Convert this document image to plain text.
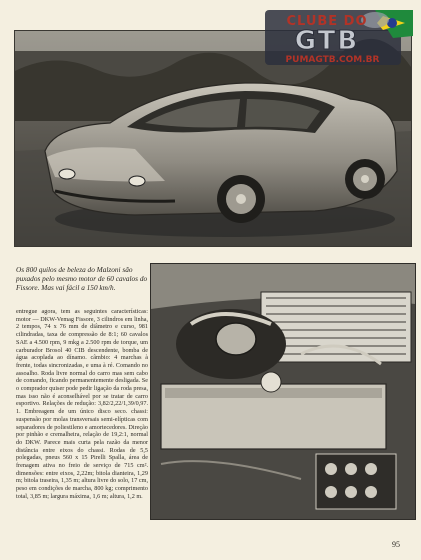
CLUBE DO
GTB
PUMAGTB.COM.BR
Os 800 quilos de beleza do Malzoni são puxados pelo mesmo motor de 60 cavalos do Fissore. Mas vai fácil a 150 km/h.
entregue agora, tem as seguintes características: motor — DKW-Vemag Fissore, 3 cilindros em linha, 2 tempos, 74 x 76 mm de diâmetro e curso, 981 cilindradas, taxa de compressão de 8:1; 60 cavalos SAE a 4.500 rpm, 9 mkg a 2.500 rpm de torque, um carburador Brosol 40 CIB descendente, bomba de água acoplada ao dínamo. câmbio: 4 marchas à frente, todas sincronizadas, e uma à ré. Comando no assoalho. Roda livre normal do carro mas sem cabo de comando, ficando permanentemente desligada. Se o comprador quiser pode pedir ligação da roda presa, mas isso não é aconselhável por se tratar de carro esportivo. Relações de redução: 3,82/2,22/1,39/0,97. 1. Embreagem de um único disco seco. chassi: suspensão por molas transversais semi-elípticas com separadores de poliestileno e amortecedores. Direção por pinhão e cremalheira, relação de 19,2:1, normal do DKW. Parece mais curta pela razão da menor distância entre eixos do chassi. Rodas de 5,5 polegadas, pneus 560 x 15 Pirelli Spalla, área de frenagem ativa no freio de serviço de 715 cm². dimensões: entre eixos, 2,22m; bitola dianteira, 1,29 m; bitola traseira, 1,35 m; altura livre do solo, 17 cm, peso em condições de marcha, 800 kg; comprimento total, 3,85 m; largura máxima, 1,6 m; altura, 1,2 m.
95
